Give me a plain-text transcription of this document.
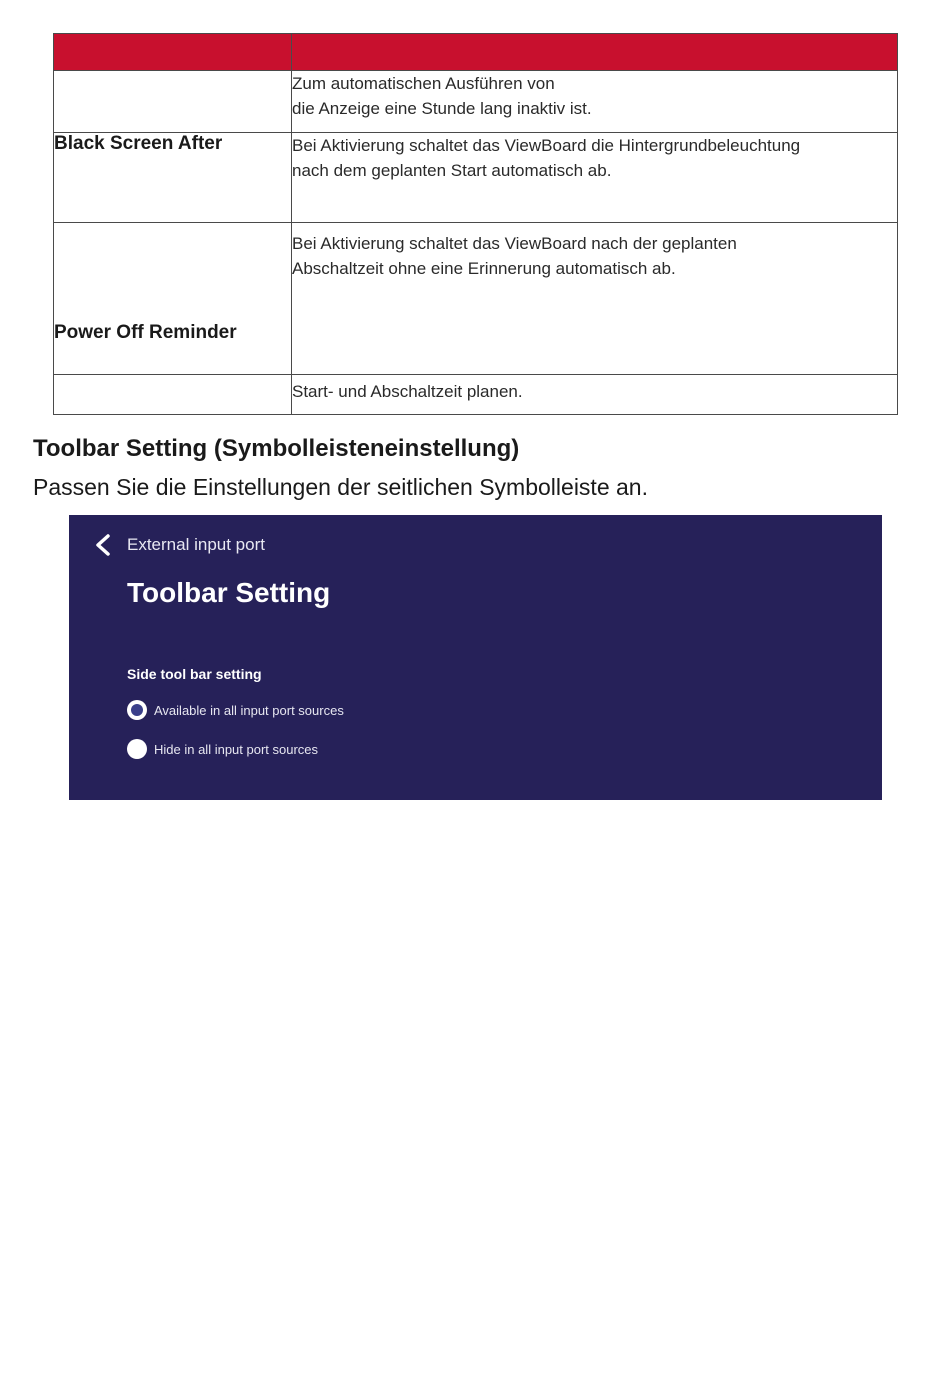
	Zum automatischen Ausführen von
die Anzeige eine Stunde lang inaktiv ist.

Black Screen After	Bei Aktivierung schaltet das ViewBoard die Hintergrundbeleuchtung
nach dem geplanten Start automatisch ab.

Power Off Reminder	Bei Aktivierung schaltet das ViewBoard nach der geplanten
Abschaltzeit ohne eine Erinnerung automatisch ab.

	Start- und Abschaltzeit planen.
Toolbar Setting (Symbolleisteneinstellung)

Passen Sie die Einstellungen der seitlichen Symbolleiste an.

External input port
Toolbar Setting
Side tool bar setting
Available in all input port sources
Hide in all input port sources
